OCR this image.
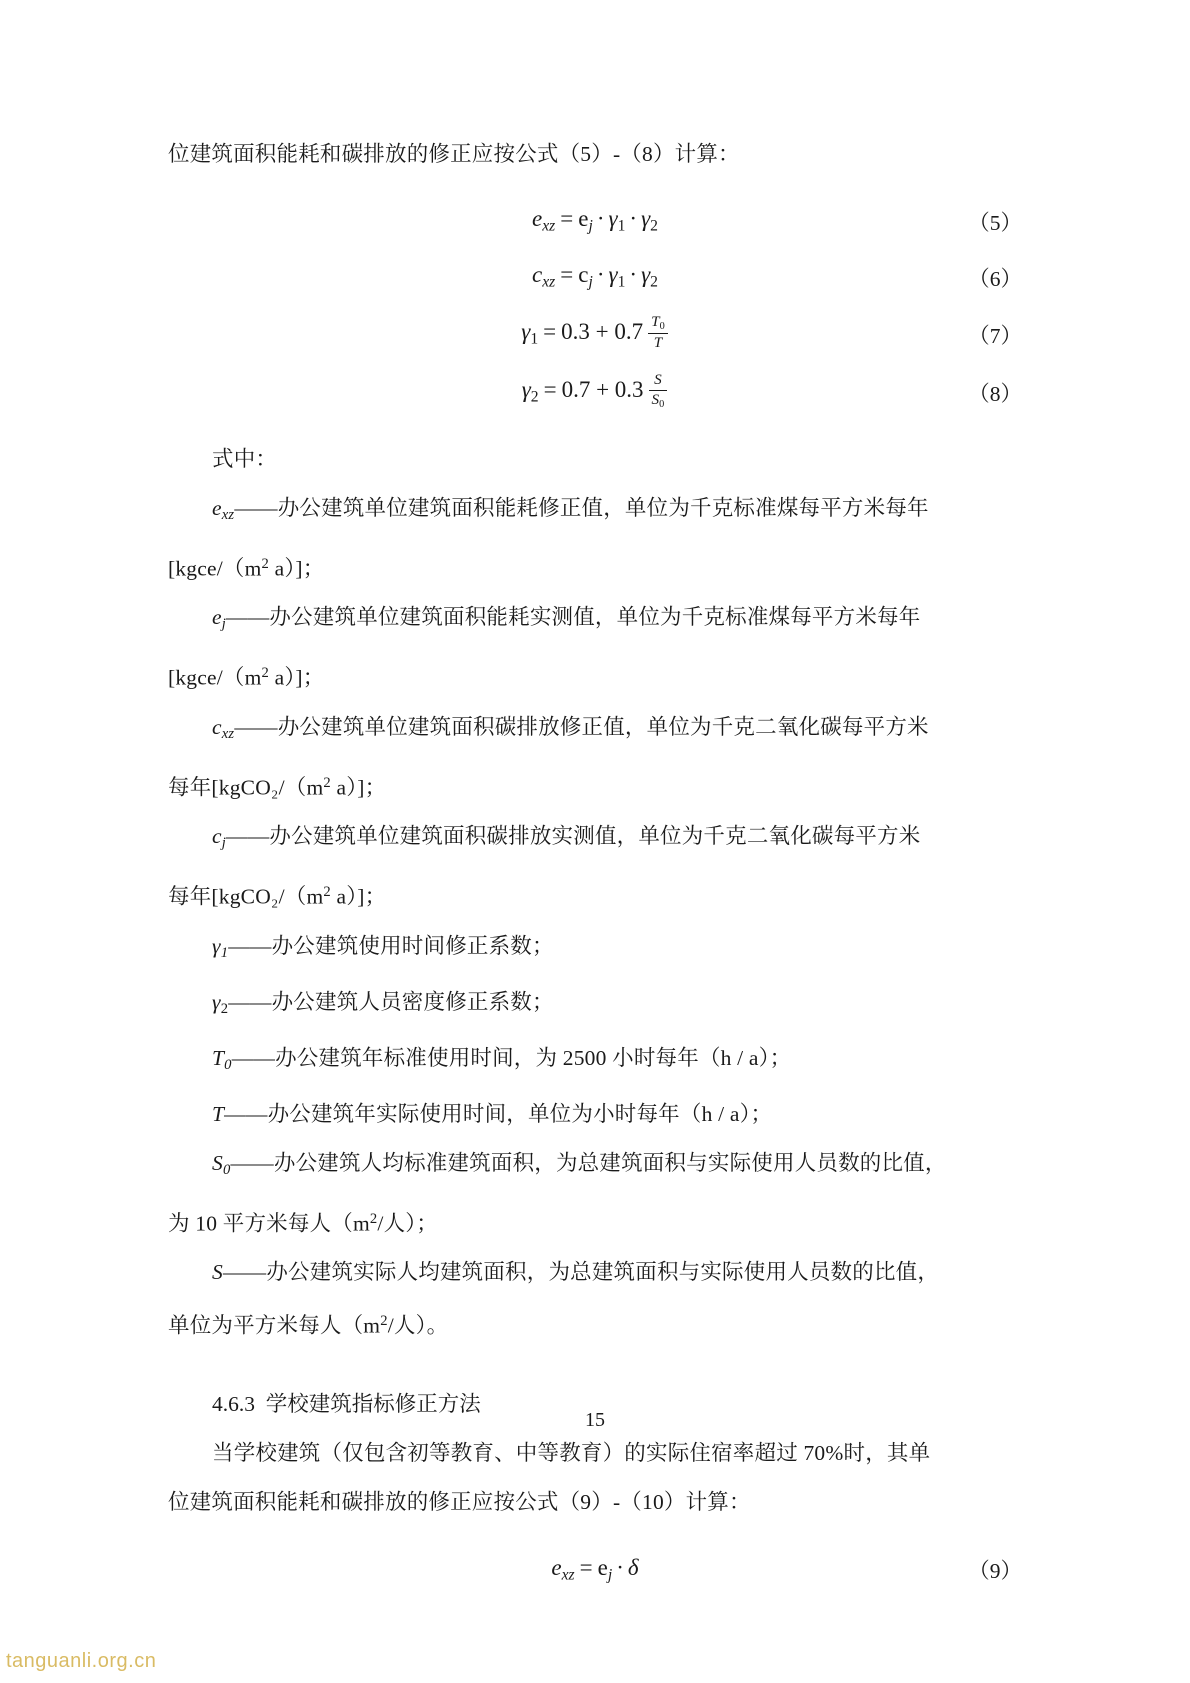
位建筑面积能耗和碳排放的修正应按公式（5）-（8）计算：

$e_{xz} = e_j \cdot \gamma 1 \cdot \gamma 2$	（5）
$c_{xz} = c_j \cdot \gamma 1 \cdot \gamma 2$	（6）
$\gamma 1 = 0.3 + 0.7 \frac{T0}{T}$	（7）
$\gamma 2 = 0.7 + 0.3 \frac{S}{S0}$	（8）

式中：

$e_{xz}——$办公建筑单位建筑面积能耗修正值，单位为千克标准煤每平方米每年

[$kgce/(m^2$ a）]；

$e_j——$办公建筑单位建筑面积能耗实测值，单位为千克标准煤每平方米每年

[$kgce/(m^2$ a）]；

$c_{xz}——$办公建筑单位建筑面积碳排放修正值，单位为千克二氧化碳每平方米

每年[$kgCO_2/(m^2$ a）]；

$c_j——$办公建筑单位建筑面积碳排放实测值，单位为千克二氧化碳每平方米

每年[$kgCO_2/(m^2$ a）]；

$\gamma_1——$办公建筑使用时间修正系数；

γ2——办公建筑人员密度修正系数；

$T_0——$办公建筑年标准使用时间，为 2500 小时每年（h / a）；

T——办公建筑年实际使用时间，单位为小时每年（h / a）；

$S_0——$办公建筑人均标准建筑面积，为总建筑面积与实际使用人员数的比值，

为 10 平方米每人（$m^2/$人）；

S——办公建筑实际人均建筑面积，为总建筑面积与实际使用人员数的比值，

单位为平方米每人（$m^2/$人）。

4.6.3 学校建筑指标修正方法

当学校建筑（仅包含初等教育、中等教育）的实际住宿率超过 70%时，其单

位建筑面积能耗和碳排放的修正应按公式（9）-（10）计算：

$e_{xz} = e_j \cdot \delta$	（9）
15
tanguanli.org.cn
